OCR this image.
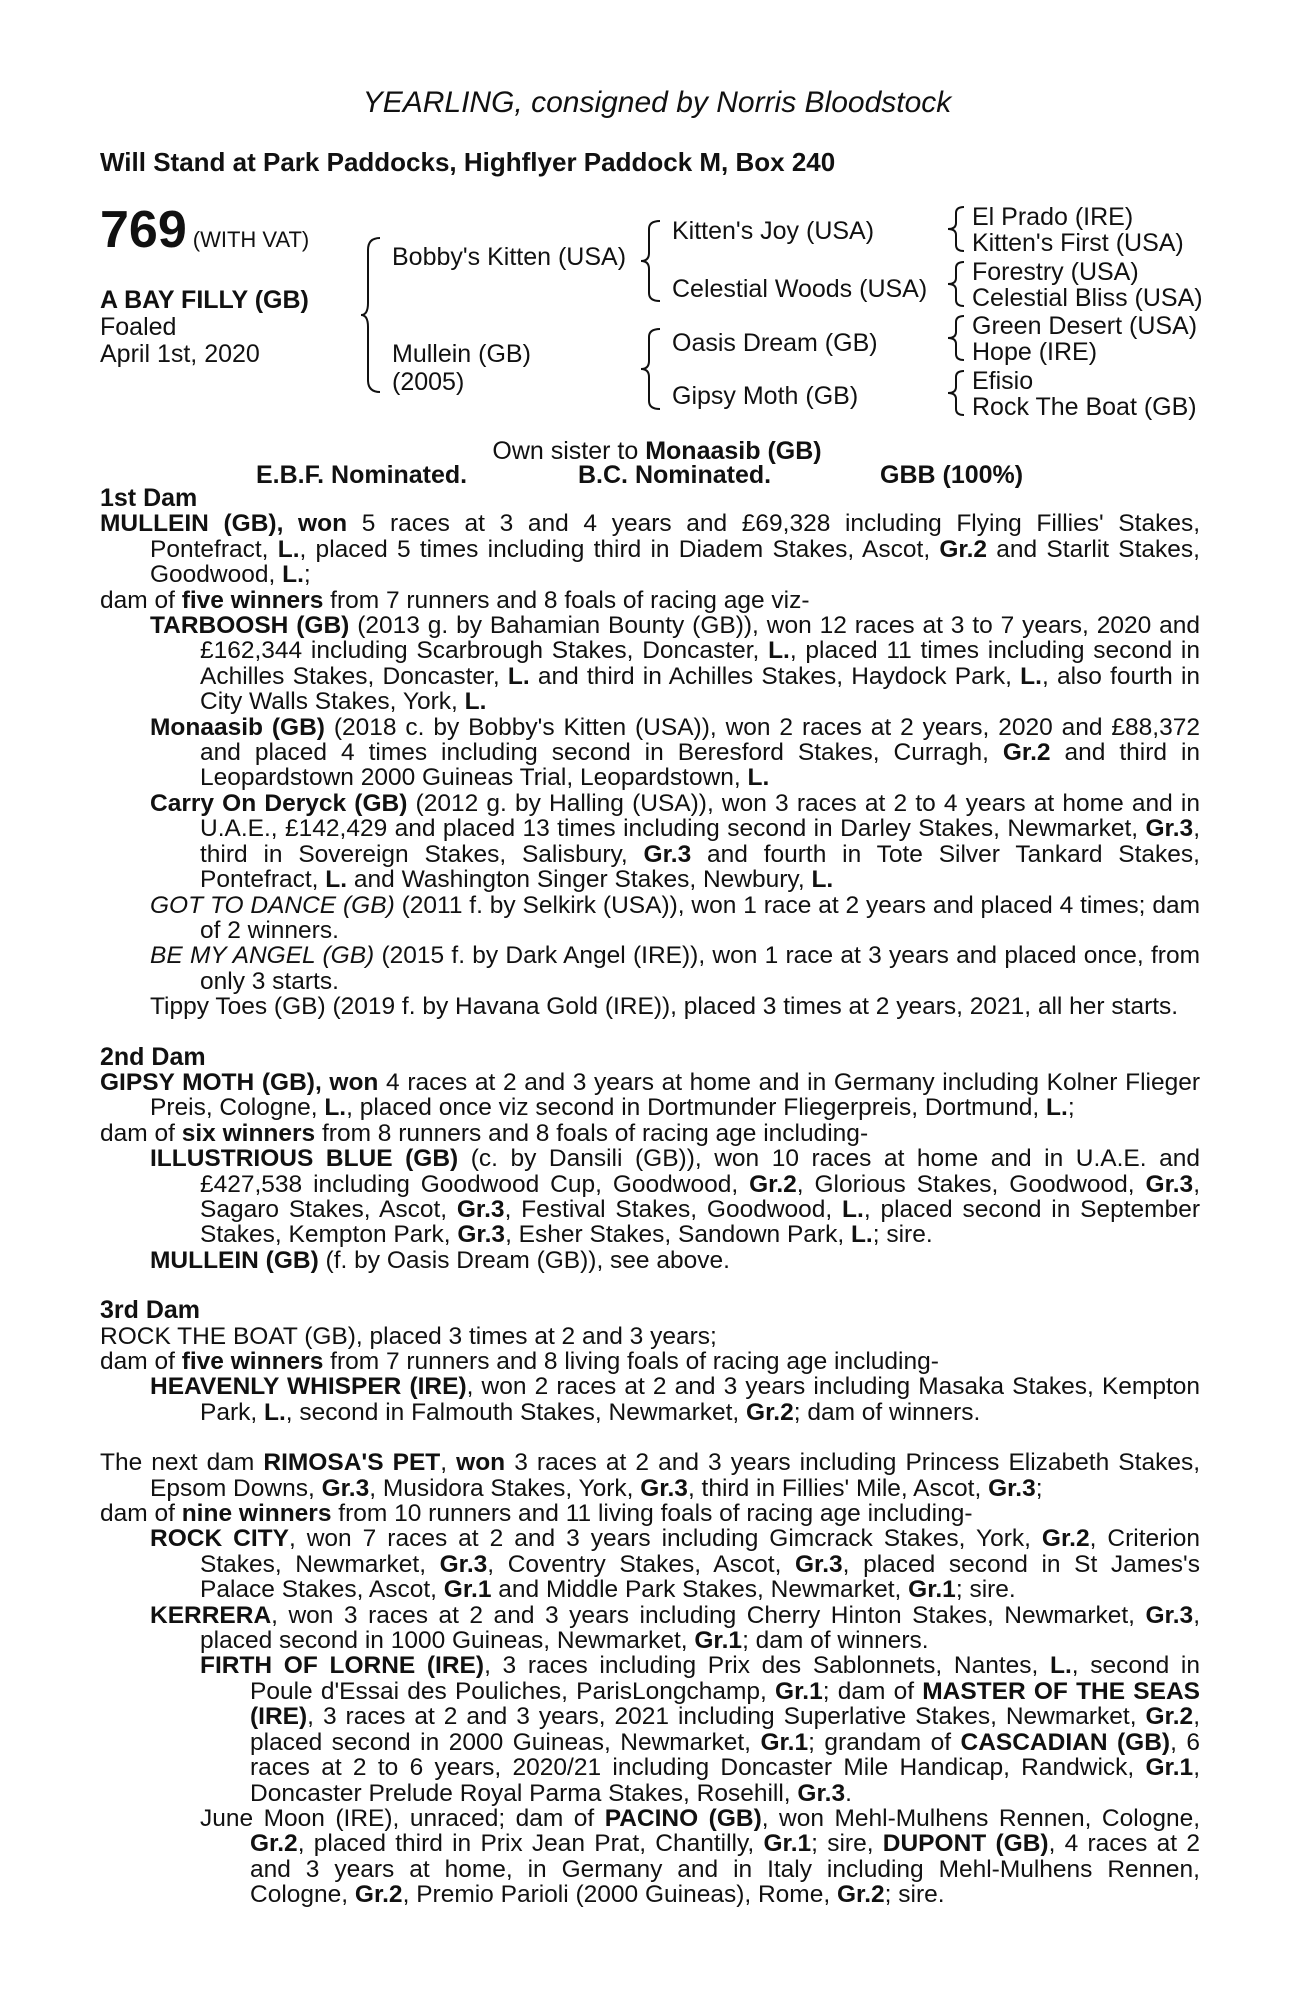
YEARLING, consigned by Norris Bloodstock
Will Stand at Park Paddocks, Highflyer Paddock M, Box 240
769 (WITH VAT)
A BAY FILLY (GB)
Foaled
April 1st, 2020
Bobby's Kitten (USA)
Mullein (GB)
(2005)
Kitten's Joy (USA)
Celestial Woods (USA)
Oasis Dream (GB)
Gipsy Moth (GB)
El Prado (IRE)
Kitten's First (USA)
Forestry (USA)
Celestial Bliss (USA)
Green Desert (USA)
Hope (IRE)
Efisio
Rock The Boat (GB)
Own sister to Monaasib (GB)
E.B.F. Nominated.	B.C. Nominated.	GBB (100%)
1st Dam

MULLEIN (GB), won 5 races at 3 and 4 years and £69,328 including Flying Fillies' Stakes, Pontefract, L., placed 5 times including third in Diadem Stakes, Ascot, Gr.2 and Starlit Stakes, Goodwood, L.;

dam of five winners from 7 runners and 8 foals of racing age viz-

TARBOOSH (GB) (2013 g. by Bahamian Bounty (GB)), won 12 races at 3 to 7 years, 2020 and £162,344 including Scarbrough Stakes, Doncaster, L., placed 11 times including second in Achilles Stakes, Doncaster, L. and third in Achilles Stakes, Haydock Park, L., also fourth in City Walls Stakes, York, L.

Monaasib (GB) (2018 c. by Bobby's Kitten (USA)), won 2 races at 2 years, 2020 and £88,372 and placed 4 times including second in Beresford Stakes, Curragh, Gr.2 and third in Leopardstown 2000 Guineas Trial, Leopardstown, L.

Carry On Deryck (GB) (2012 g. by Halling (USA)), won 3 races at 2 to 4 years at home and in U.A.E., £142,429 and placed 13 times including second in Darley Stakes, Newmarket, Gr.3, third in Sovereign Stakes, Salisbury, Gr.3 and fourth in Tote Silver Tankard Stakes, Pontefract, L. and Washington Singer Stakes, Newbury, L.

GOT TO DANCE (GB) (2011 f. by Selkirk (USA)), won 1 race at 2 years and placed 4 times; dam of 2 winners.

BE MY ANGEL (GB) (2015 f. by Dark Angel (IRE)), won 1 race at 3 years and placed once, from only 3 starts.

Tippy Toes (GB) (2019 f. by Havana Gold (IRE)), placed 3 times at 2 years, 2021, all her starts.

2nd Dam

GIPSY MOTH (GB), won 4 races at 2 and 3 years at home and in Germany including Kolner Flieger Preis, Cologne, L., placed once viz second in Dortmunder Fliegerpreis, Dortmund, L.;

dam of six winners from 8 runners and 8 foals of racing age including-

ILLUSTRIOUS BLUE (GB) (c. by Dansili (GB)), won 10 races at home and in U.A.E. and £427,538 including Goodwood Cup, Goodwood, Gr.2, Glorious Stakes, Goodwood, Gr.3, Sagaro Stakes, Ascot, Gr.3, Festival Stakes, Goodwood, L., placed second in September Stakes, Kempton Park, Gr.3, Esher Stakes, Sandown Park, L.; sire.

MULLEIN (GB) (f. by Oasis Dream (GB)), see above.

3rd Dam

ROCK THE BOAT (GB), placed 3 times at 2 and 3 years;

dam of five winners from 7 runners and 8 living foals of racing age including-

HEAVENLY WHISPER (IRE), won 2 races at 2 and 3 years including Masaka Stakes, Kempton Park, L., second in Falmouth Stakes, Newmarket, Gr.2; dam of winners.

The next dam RIMOSA'S PET, won 3 races at 2 and 3 years including Princess Elizabeth Stakes, Epsom Downs, Gr.3, Musidora Stakes, York, Gr.3, third in Fillies' Mile, Ascot, Gr.3;

dam of nine winners from 10 runners and 11 living foals of racing age including-

ROCK CITY, won 7 races at 2 and 3 years including Gimcrack Stakes, York, Gr.2, Criterion Stakes, Newmarket, Gr.3, Coventry Stakes, Ascot, Gr.3, placed second in St James's Palace Stakes, Ascot, Gr.1 and Middle Park Stakes, Newmarket, Gr.1; sire.

KERRERA, won 3 races at 2 and 3 years including Cherry Hinton Stakes, Newmarket, Gr.3, placed second in 1000 Guineas, Newmarket, Gr.1; dam of winners.

FIRTH OF LORNE (IRE), 3 races including Prix des Sablonnets, Nantes, L., second in Poule d'Essai des Pouliches, ParisLongchamp, Gr.1; dam of MASTER OF THE SEAS (IRE), 3 races at 2 and 3 years, 2021 including Superlative Stakes, Newmarket, Gr.2, placed second in 2000 Guineas, Newmarket, Gr.1; grandam of CASCADIAN (GB), 6 races at 2 to 6 years, 2020/21 including Doncaster Mile Handicap, Randwick, Gr.1, Doncaster Prelude Royal Parma Stakes, Rosehill, Gr.3.

June Moon (IRE), unraced; dam of PACINO (GB), won Mehl-Mulhens Rennen, Cologne, Gr.2, placed third in Prix Jean Prat, Chantilly, Gr.1; sire, DUPONT (GB), 4 races at 2 and 3 years at home, in Germany and in Italy including Mehl-Mulhens Rennen, Cologne, Gr.2, Premio Parioli (2000 Guineas), Rome, Gr.2; sire.
